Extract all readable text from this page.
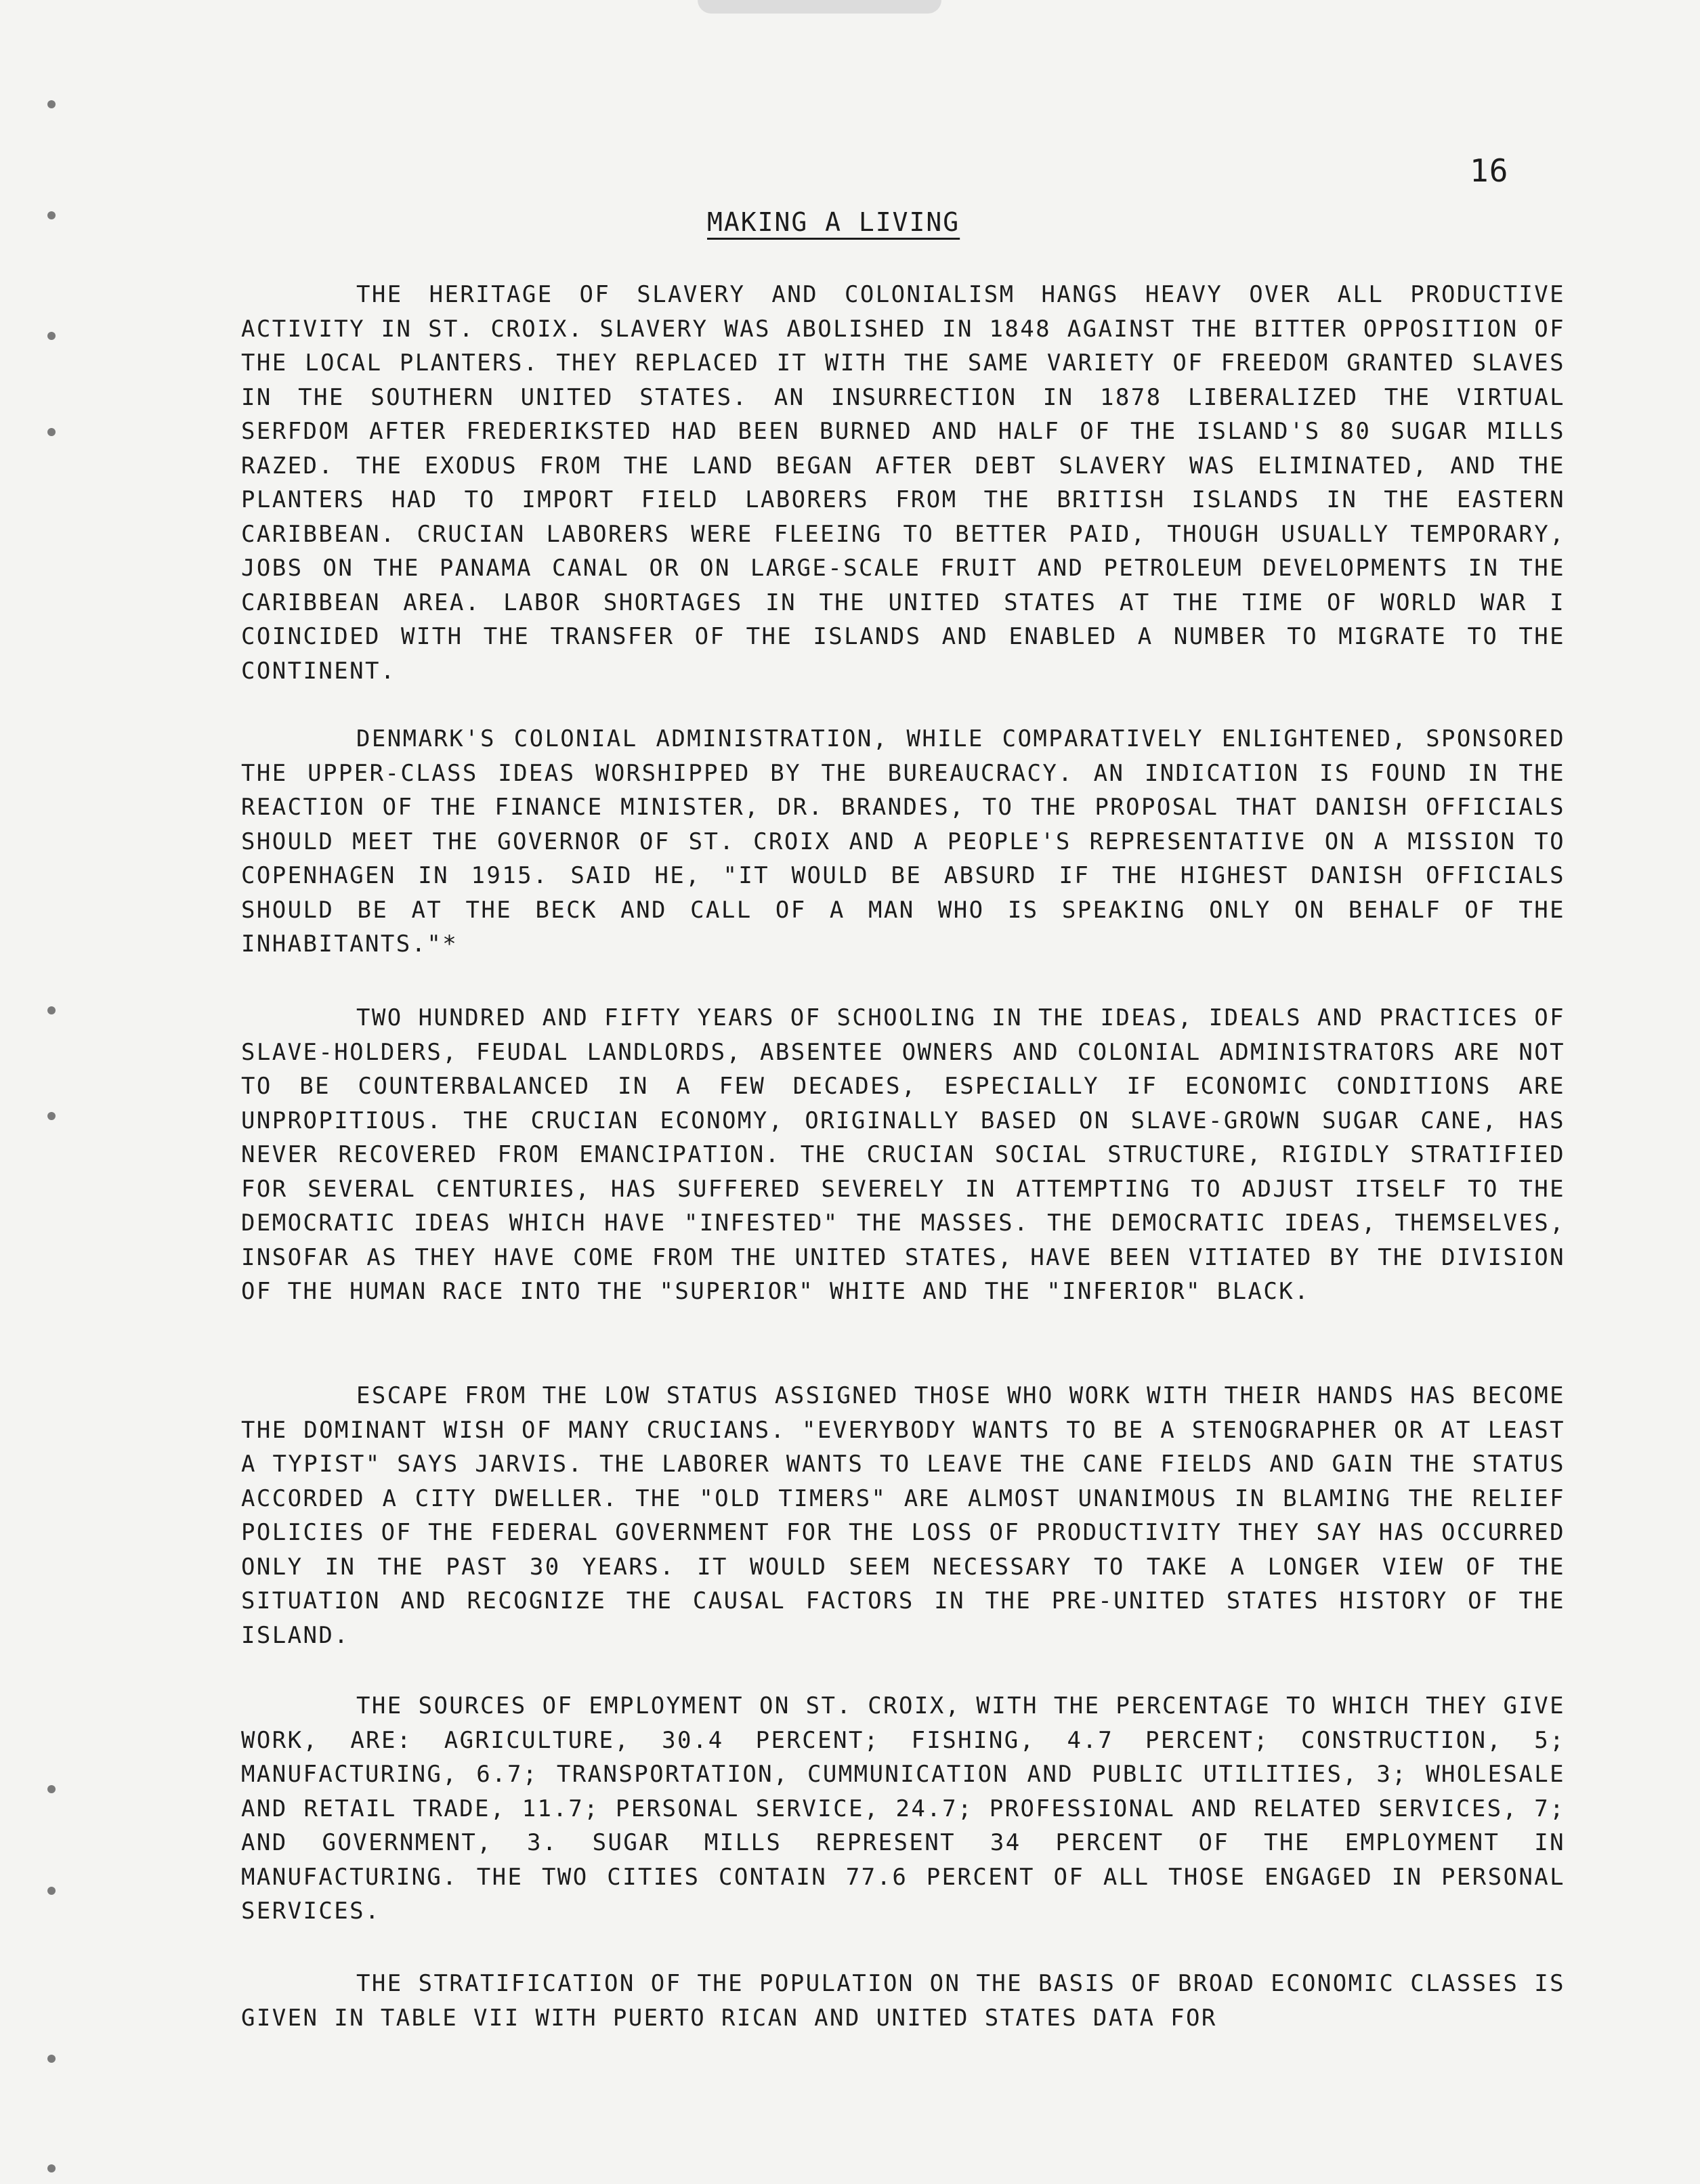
16
MAKING A LIVING

THE HERITAGE OF SLAVERY AND COLONIALISM HANGS HEAVY OVER ALL PRODUCTIVE ACTIVITY IN ST. CROIX. SLAVERY WAS ABOLISHED IN 1848 AGAINST THE BITTER OPPOSITION OF THE LOCAL PLANTERS. THEY REPLACED IT WITH THE SAME VARIETY OF FREEDOM GRANTED SLAVES IN THE SOUTHERN UNITED STATES. AN INSURRECTION IN 1878 LIBERALIZED THE VIRTUAL SERFDOM AFTER FREDERIKSTED HAD BEEN BURNED AND HALF OF THE ISLAND'S 80 SUGAR MILLS RAZED. THE EXODUS FROM THE LAND BEGAN AFTER DEBT SLAVERY WAS ELIMINATED, AND THE PLANTERS HAD TO IMPORT FIELD LABORERS FROM THE BRITISH ISLANDS IN THE EASTERN CARIBBEAN. CRUCIAN LABORERS WERE FLEEING TO BETTER PAID, THOUGH USUALLY TEMPORARY, JOBS ON THE PANAMA CANAL OR ON LARGE-SCALE FRUIT AND PETROLEUM DEVELOPMENTS IN THE CARIBBEAN AREA. LABOR SHORTAGES IN THE UNITED STATES AT THE TIME OF WORLD WAR I COINCIDED WITH THE TRANSFER OF THE ISLANDS AND ENABLED A NUMBER TO MIGRATE TO THE CONTINENT.

DENMARK'S COLONIAL ADMINISTRATION, WHILE COMPARATIVELY ENLIGHTENED, SPONSORED THE UPPER-CLASS IDEAS WORSHIPPED BY THE BUREAUCRACY. AN INDICATION IS FOUND IN THE REACTION OF THE FINANCE MINISTER, DR. BRANDES, TO THE PROPOSAL THAT DANISH OFFICIALS SHOULD MEET THE GOVERNOR OF ST. CROIX AND A PEOPLE'S REPRESENTATIVE ON A MISSION TO COPENHAGEN IN 1915. SAID HE, "IT WOULD BE ABSURD IF THE HIGHEST DANISH OFFICIALS SHOULD BE AT THE BECK AND CALL OF A MAN WHO IS SPEAKING ONLY ON BEHALF OF THE INHABITANTS."*

TWO HUNDRED AND FIFTY YEARS OF SCHOOLING IN THE IDEAS, IDEALS AND PRACTICES OF SLAVE-HOLDERS, FEUDAL LANDLORDS, ABSENTEE OWNERS AND COLONIAL ADMINISTRATORS ARE NOT TO BE COUNTERBALANCED IN A FEW DECADES, ESPECIALLY IF ECONOMIC CONDITIONS ARE UNPROPITIOUS. THE CRUCIAN ECONOMY, ORIGINALLY BASED ON SLAVE-GROWN SUGAR CANE, HAS NEVER RECOVERED FROM EMANCIPATION. THE CRUCIAN SOCIAL STRUCTURE, RIGIDLY STRATIFIED FOR SEVERAL CENTURIES, HAS SUFFERED SEVERELY IN ATTEMPTING TO ADJUST ITSELF TO THE DEMOCRATIC IDEAS WHICH HAVE "INFESTED" THE MASSES. THE DEMOCRATIC IDEAS, THEMSELVES, INSOFAR AS THEY HAVE COME FROM THE UNITED STATES, HAVE BEEN VITIATED BY THE DIVISION OF THE HUMAN RACE INTO THE "SUPERIOR" WHITE AND THE "INFERIOR" BLACK.

ESCAPE FROM THE LOW STATUS ASSIGNED THOSE WHO WORK WITH THEIR HANDS HAS BECOME THE DOMINANT WISH OF MANY CRUCIANS. "EVERYBODY WANTS TO BE A STENOGRAPHER OR AT LEAST A TYPIST" SAYS JARVIS. THE LABORER WANTS TO LEAVE THE CANE FIELDS AND GAIN THE STATUS ACCORDED A CITY DWELLER. THE "OLD TIMERS" ARE ALMOST UNANIMOUS IN BLAMING THE RELIEF POLICIES OF THE FEDERAL GOVERNMENT FOR THE LOSS OF PRODUCTIVITY THEY SAY HAS OCCURRED ONLY IN THE PAST 30 YEARS. IT WOULD SEEM NECESSARY TO TAKE A LONGER VIEW OF THE SITUATION AND RECOGNIZE THE CAUSAL FACTORS IN THE PRE-UNITED STATES HISTORY OF THE ISLAND.

THE SOURCES OF EMPLOYMENT ON ST. CROIX, WITH THE PERCENTAGE TO WHICH THEY GIVE WORK, ARE: AGRICULTURE, 30.4 PERCENT; FISHING, 4.7 PERCENT; CONSTRUCTION, 5; MANUFACTURING, 6.7; TRANSPORTATION, CUMMUNICATION AND PUBLIC UTILITIES, 3; WHOLESALE AND RETAIL TRADE, 11.7; PERSONAL SERVICE, 24.7; PROFESSIONAL AND RELATED SERVICES, 7; AND GOVERNMENT, 3. SUGAR MILLS REPRESENT 34 PERCENT OF THE EMPLOYMENT IN MANUFACTURING. THE TWO CITIES CONTAIN 77.6 PERCENT OF ALL THOSE ENGAGED IN PERSONAL SERVICES.

THE STRATIFICATION OF THE POPULATION ON THE BASIS OF BROAD ECONOMIC CLASSES IS GIVEN IN TABLE VII WITH PUERTO RICAN AND UNITED STATES DATA FOR
